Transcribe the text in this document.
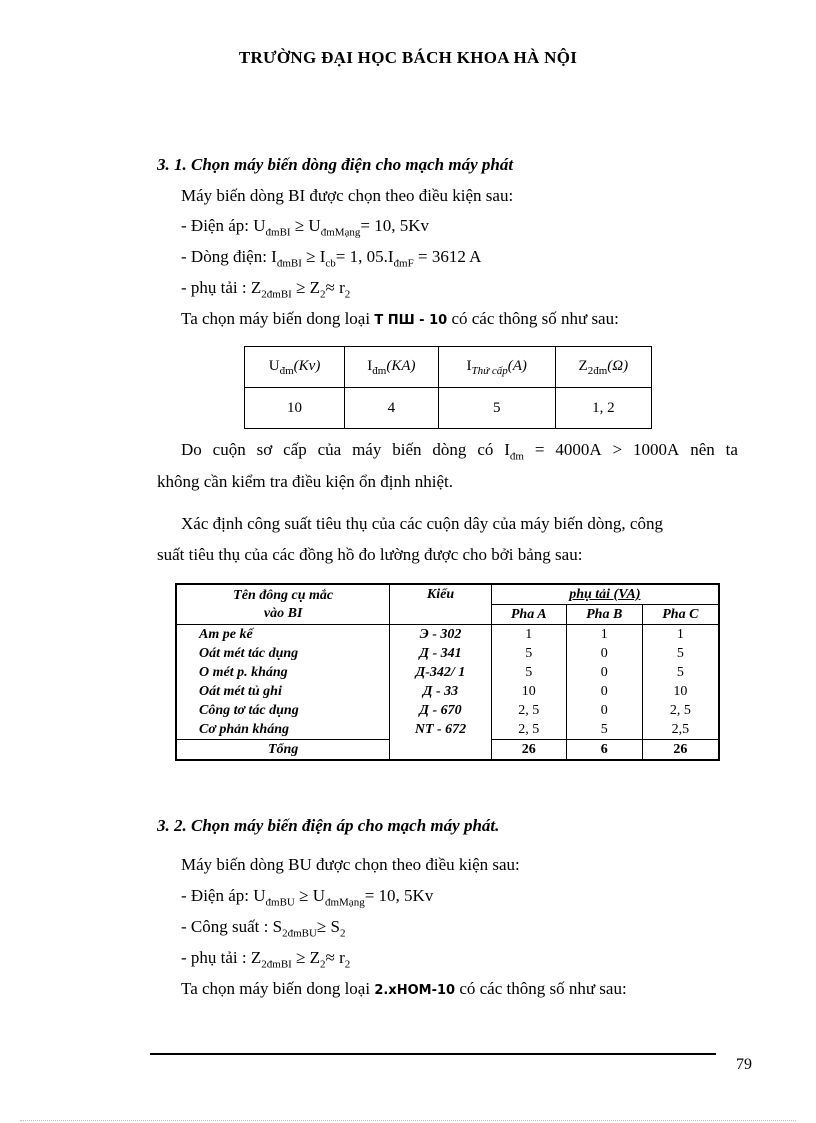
TRƯỜNG ĐẠI HỌC BÁCH KHOA HÀ NỘI
3. 1. Chọn máy biến dòng điện cho mạch máy phát
Máy biến dòng BI được chọn theo điều kiện sau:
- Điện áp: $U_{đmBI} \ge U_{đmMạng}= 10$, 5Kv
- Dòng điện: $I_{đmBI} \ge I_{cb}= 1$, $05.I_{đmF} = 3612$ A
- phụ tải : $Z_{2đmBI} \ge Z_2\approx r_2$
Ta chọn máy biến dong loại T ПШ - 10 có các thông số như sau:
$U_{đm}(Kv)$	$I_{đm}(KA)$	$I_{Thứ cấp}(A)$	$Z_{2đm}(\Omega)$
10	4	5	1, 2
Do cuộn sơ cấp của máy biến dòng có $I_{đm} = 4000A > 1000A$ nên ta
không cần kiểm tra điều kiện ổn định nhiệt.
Xác định công suất tiêu thụ của các cuộn dây của máy biến dòng, công
suất tiêu thụ của các đồng hồ đo lường được cho bởi bảng sau:
Tên đông cụ mắc
vào BI	Kiểu	phụ tải (VA)		
		Pha A	Pha B	Pha C
Am pe kế	Э - 302	1	1	1
Oát mét tác dụng	Д - 341	5	0	5
O mét p. kháng	Д-342/ 1	5	0	5
Oát mét tủ ghi	Д - 33	10	0	10
Công tơ tác dụng	Д - 670	2, 5	0	2, 5
Cơ phản kháng	NT - 672	2, 5	5	2,5
Tổng		26	6	26
3. 2. Chọn máy biến điện áp cho mạch máy phát.
Máy biến dòng BU được chọn theo điều kiện sau:
- Điện áp: $U_{đmBU} \ge U_{đmMạng}= 10$, 5Kv
- Công suất : $S_{2đmBU}\ge S_2$
- phụ tải : $Z_{2đmBI} \ge Z_2\approx r_2$
Ta chọn máy biến dong loại 2.xHOM-10 có các thông số như sau:
79
